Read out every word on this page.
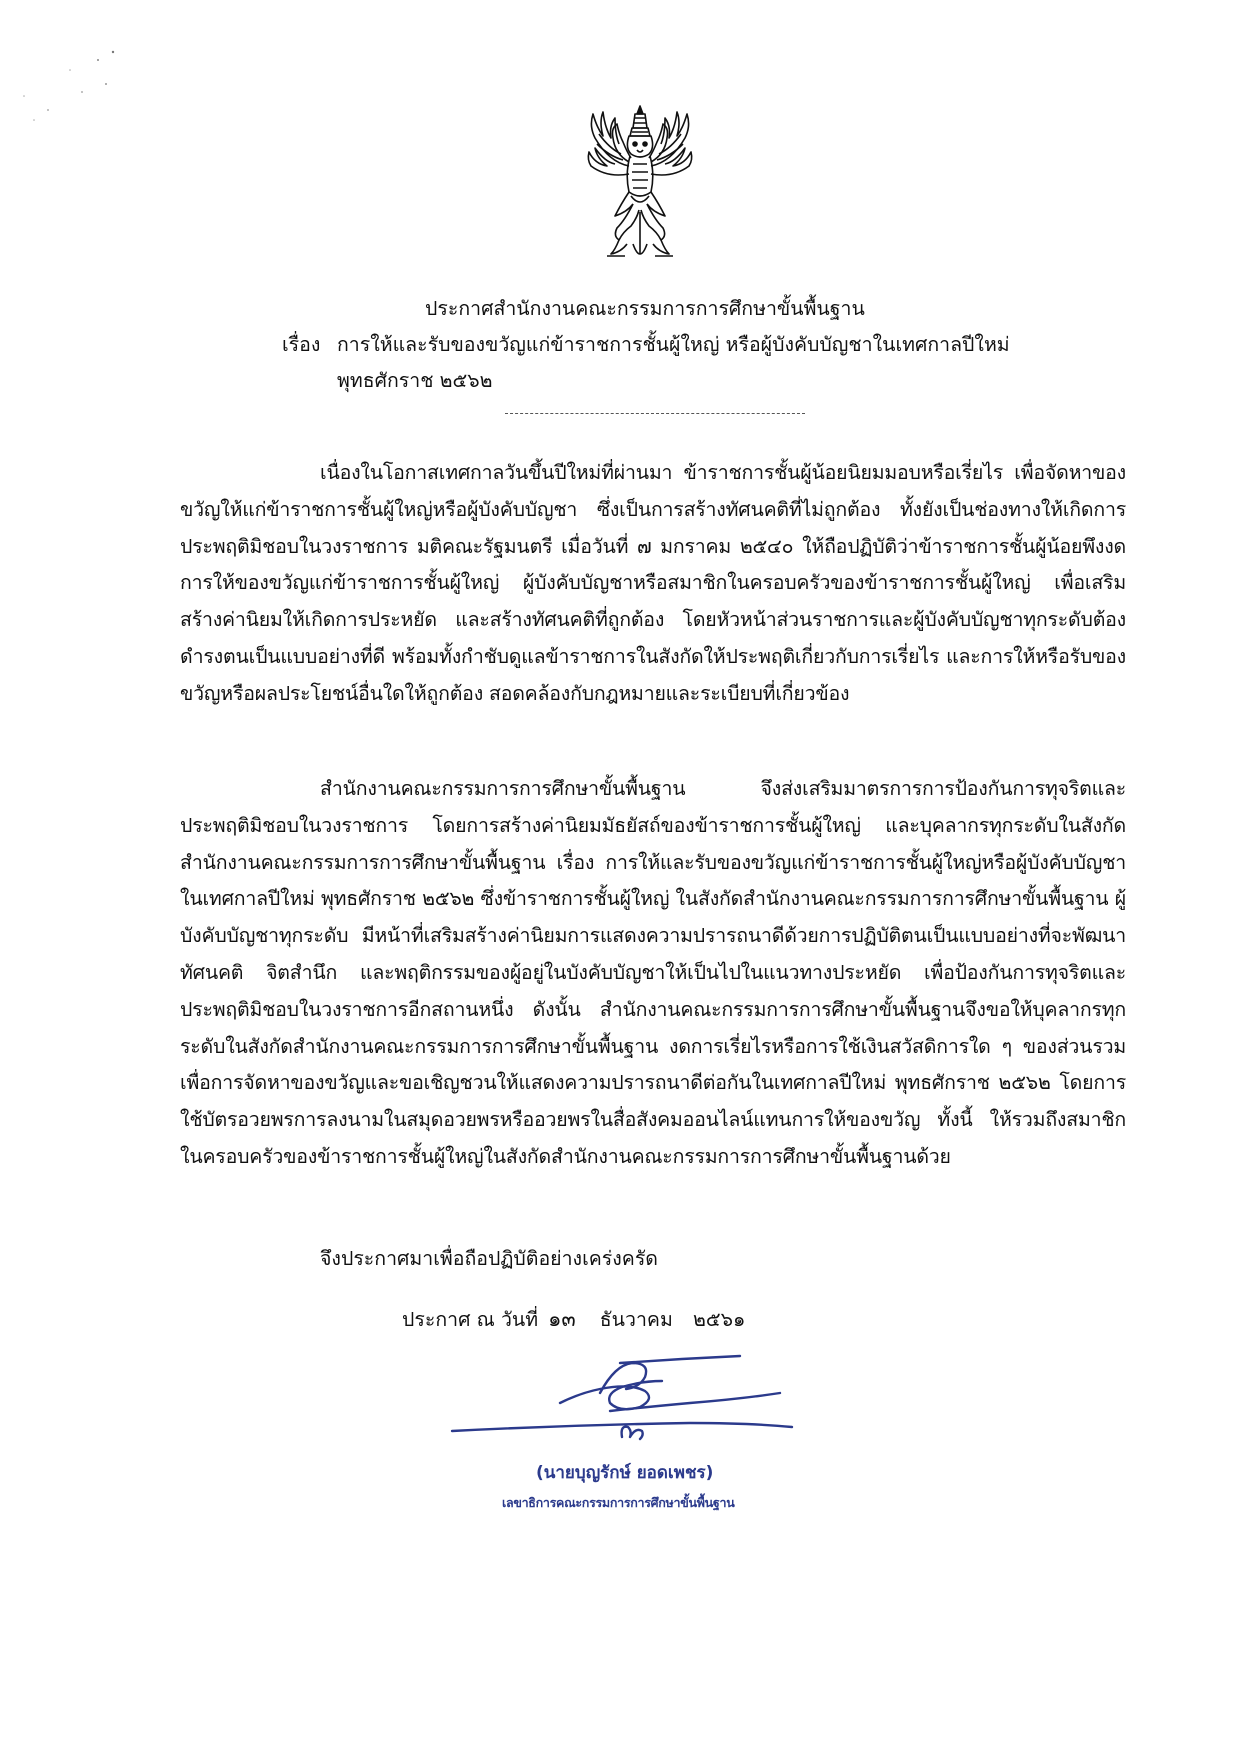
ประกาศสำนักงานคณะกรรมการการศึกษาขั้นพื้นฐาน
เรื่อง การให้และรับของขวัญแก่ข้าราชการชั้นผู้ใหญ่ หรือผู้บังคับบัญชาในเทศกาลปีใหม่
พุทธศักราช ๒๕๖๒

เนื่องในโอกาสเทศกาลวันขึ้นปีใหม่ที่ผ่านมา ข้าราชการชั้นผู้น้อยนิยมมอบหรือเรี่ยไร เพื่อจัดหาของขวัญให้แก่ข้าราชการชั้นผู้ใหญ่หรือผู้บังคับบัญชา ซึ่งเป็นการสร้างทัศนคติที่ไม่ถูกต้อง ทั้งยังเป็นช่องทางให้เกิดการประพฤติมิชอบในวงราชการ มติคณะรัฐมนตรี เมื่อวันที่ ๗ มกราคม ๒๕๔๐ ให้ถือปฏิบัติว่าข้าราชการชั้นผู้น้อยพึงงดการให้ของขวัญแก่ข้าราชการชั้นผู้ใหญ่ ผู้บังคับบัญชาหรือสมาชิกในครอบครัวของข้าราชการชั้นผู้ใหญ่ เพื่อเสริมสร้างค่านิยมให้เกิดการประหยัด และสร้างทัศนคติที่ถูกต้อง โดยหัวหน้าส่วนราชการและผู้บังคับบัญชาทุกระดับต้องดำรงตนเป็นแบบอย่างที่ดี พร้อมทั้งกำชับดูแลข้าราชการในสังกัดให้ประพฤติเกี่ยวกับการเรี่ยไร และการให้หรือรับของขวัญหรือผลประโยชน์อื่นใดให้ถูกต้อง สอดคล้องกับกฎหมายและระเบียบที่เกี่ยวข้อง

สำนักงานคณะกรรมการการศึกษาขั้นพื้นฐาน จึงส่งเสริมมาตรการการป้องกันการทุจริตและประพฤติมิชอบในวงราชการ โดยการสร้างค่านิยมมัธยัสถ์ของข้าราชการชั้นผู้ใหญ่ และบุคลากรทุกระดับในสังกัดสำนักงานคณะกรรมการการศึกษาขั้นพื้นฐาน เรื่อง การให้และรับของขวัญแก่ข้าราชการชั้นผู้ใหญ่หรือผู้บังคับบัญชาในเทศกาลปีใหม่ พุทธศักราช ๒๕๖๒ ซึ่งข้าราชการชั้นผู้ใหญ่ ในสังกัดสำนักงานคณะกรรมการการศึกษาขั้นพื้นฐาน ผู้บังคับบัญชาทุกระดับ มีหน้าที่เสริมสร้างค่านิยมการแสดงความปรารถนาดีด้วยการปฏิบัติตนเป็นแบบอย่างที่จะพัฒนาทัศนคติ จิตสำนึก และพฤติกรรมของผู้อยู่ในบังคับบัญชาให้เป็นไปในแนวทางประหยัด เพื่อป้องกันการทุจริตและประพฤติมิชอบในวงราชการอีกสถานหนึ่ง ดังนั้น สำนักงานคณะกรรมการการศึกษาขั้นพื้นฐานจึงขอให้บุคลากรทุกระดับในสังกัดสำนักงานคณะกรรมการการศึกษาขั้นพื้นฐาน งดการเรี่ยไรหรือการใช้เงินสวัสดิการใด ๆ ของส่วนรวม เพื่อการจัดหาของขวัญและขอเชิญชวนให้แสดงความปรารถนาดีต่อกันในเทศกาลปีใหม่ พุทธศักราช ๒๕๖๒ โดยการใช้บัตรอวยพรการลงนามในสมุดอวยพรหรืออวยพรในสื่อสังคมออนไลน์แทนการให้ของขวัญ ทั้งนี้ ให้รวมถึงสมาชิกในครอบครัวของข้าราชการชั้นผู้ใหญ่ในสังกัดสำนักงานคณะกรรมการการศึกษาขั้นพื้นฐานด้วย

จึงประกาศมาเพื่อถือปฏิบัติอย่างเคร่งครัด
ประกาศ ณ วันที่ ๑๓ ธันวาคม ๒๕๖๑
(นายบุญรักษ์ ยอดเพชร)
เลขาธิการคณะกรรมการการศึกษาขั้นพื้นฐาน
